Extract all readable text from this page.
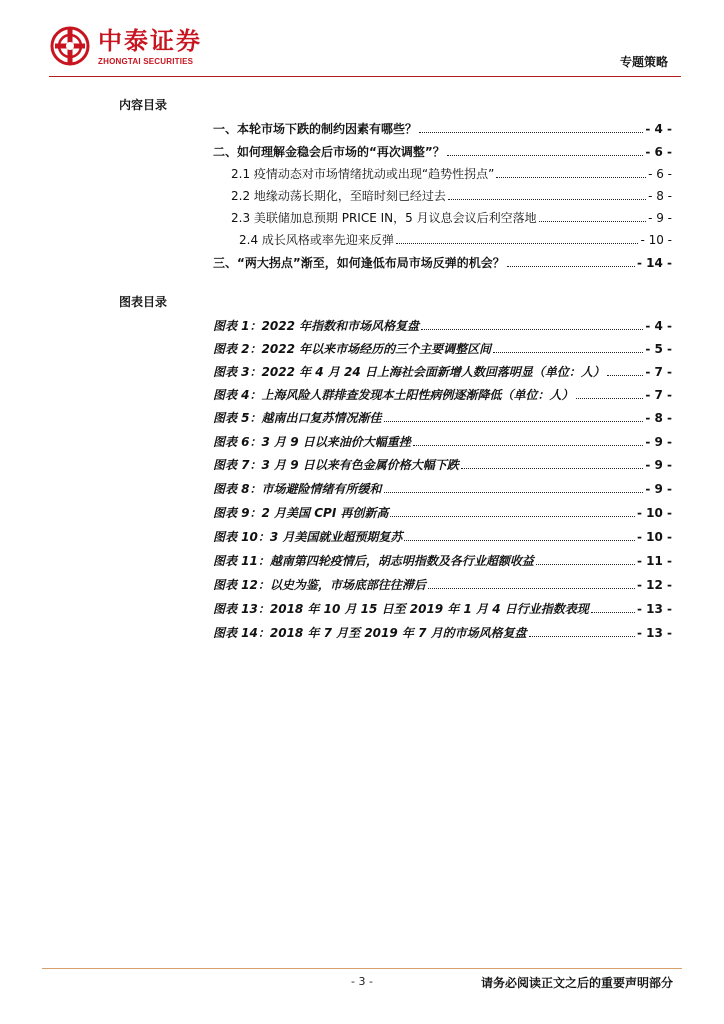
中泰证券
ZHONGTAI SECURITIES	专题策略
内容目录
一、本轮市场下跌的制约因素有哪些？	- 4 -
二、如何理解金稳会后市场的“再次调整”？	- 6 -
2.1 疫情动态对市场情绪扰动或出现“趋势性拐点”	- 6 -
2.2 地缘动荡长期化，至暗时刻已经过去	- 8 -
2.3 美联储加息预期 PRICE IN，5 月议息会议后利空落地	- 9 -
2.4 成长风格或率先迎来反弹	- 10 -
三、“两大拐点”渐至，如何逢低布局市场反弹的机会？	- 14 -
图表目录
图表 1：2022 年指数和市场风格复盘	- 4 -
图表 2：2022 年以来市场经历的三个主要调整区间	- 5 -
图表 3：2022 年 4 月 24 日上海社会面新增人数回落明显（单位：人）	- 7 -
图表 4：上海风险人群排查发现本土阳性病例逐渐降低（单位：人）	- 7 -
图表 5：越南出口复苏情况渐佳	- 8 -
图表 6：3 月 9 日以来油价大幅重挫	- 9 -
图表 7：3 月 9 日以来有色金属价格大幅下跌	- 9 -
图表 8：市场避险情绪有所缓和	- 9 -
图表 9：2 月美国 CPI 再创新高	- 10 -
图表 10：3 月美国就业超预期复苏	- 10 -
图表 11：越南第四轮疫情后，胡志明指数及各行业超额收益	- 11 -
图表 12：以史为鉴，市场底部往往滞后	- 12 -
图表 13：2018 年 10 月 15 日至 2019 年 1 月 4 日行业指数表现	- 13 -
图表 14：2018 年 7 月至 2019 年 7 月的市场风格复盘	- 13 -
- 3 -	请务必阅读正文之后的重要声明部分
